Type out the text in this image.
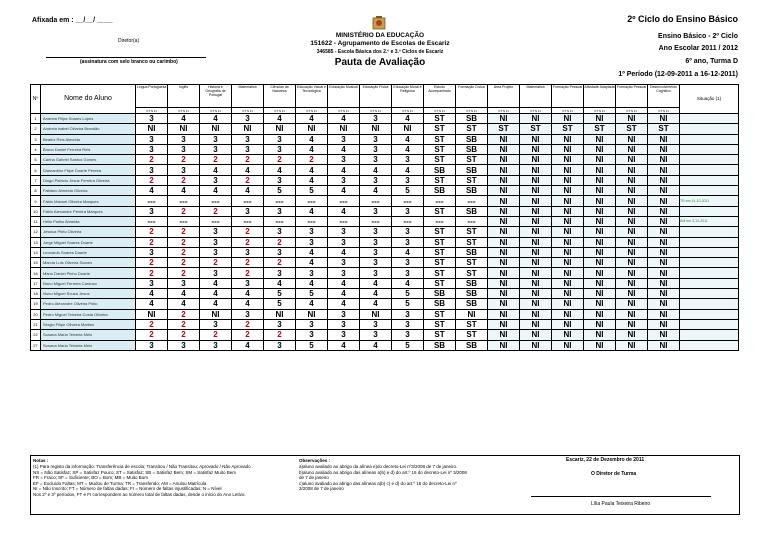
Afixada em : __/__/ ____
Diretor(a)
(assinatura com selo branco ou carimbo)
MINISTÉRIO DA EDUCAÇÃO
151622 - Agrupamento de Escolas de Escariz
346585 - Escola Básica dos 2.º e 3.º Ciclos de Escariz
Pauta de Avaliação
2º Ciclo do Ensino Básico
Ensino Básico - 2º Ciclo
Ano Escolar 2011 / 2012
6º ano, Turma D
1º Período (12-09-2011 a 16-12-2011)
Nº	Nome do Aluno	Língua Portuguesa	Inglês	História e Geografia de Portugal	Matemática	Ciências da Natureza	Educação Visual e Tecnológica	Educação Musical	Educação Física	Educação Moral e Religiosa	Estudo Acompanhado	Formação Cívica	Área Projeto	Matemática	Formação Pessoal	Atividade Adaptada	Formação Pessoal	Desenvolvimento Cognitivo	Situação (1)
		FT N FI	FT N FI	FT N FI	FT N FI	FT N FI	FT N FI	FT N FI	FT N FI	FT N FI	FT N FI	FT N FI	FT N FI	FT N FI	FT N FI	FT N FI	FT N FI	FT N FI	
1	Andreia Filipa Soares Lopes	3	4	4	3	4	4	4	3	4	ST	SB	NI	NI	NI	NI	NI	NI	
2	Andreia Isabel Oliveira Brandão	NI	NI	NI	NI	NI	NI	NI	NI	NI	ST	ST	ST	ST	ST	ST	ST	ST	
3	Beatriz Reis Almeida	3	3	3	3	3	4	3	3	4	ST	SB	NI	NI	NI	NI	NI	NI	
4	Bruno Daniel Ferreira Reis	3	3	3	3	3	4	4	3	4	ST	SB	NI	NI	NI	NI	NI	NI	
5	Carina Gabriel Santos Gomes	2	2	2	2	2	2	3	3	3	ST	ST	NI	NI	NI	NI	NI	NI	
6	Diamantino Filipe Duarte Pereira	3	3	4	4	4	4	4	4	4	SB	SB	NI	NI	NI	NI	NI	NI	
7	Diogo Patrício Jesus Ferreira Oliveira	2	2	3	2	3	4	3	3	3	ST	ST	NI	NI	NI	NI	NI	NI	
8	Fabiano Almeida Oliveira	4	4	4	4	5	5	4	4	5	SB	SB	NI	NI	NI	NI	NI	NI	
9	Fábio Manuel Oliveira Marques	---	---	---	---	---	---	---	---	---	---	---	NI	NI	NI	NI	NI	NI	TR em 14-10-2011
10	Fábio Alexandre Pereira Marques	3	2	2	3	3	4	4	3	3	ST	SB	NI	NI	NI	NI	NI	NI	
11	Hélio Fialho Almeida	---	---	---	---	---	---	---	---	---	---	---	NI	NI	NI	NI	NI	NI	AM em 3-10-2011
12	Jéssica Pinto Oliveira	2	2	3	2	3	3	3	3	3	ST	ST	NI	NI	NI	NI	NI	NI	
13	Jorge Miguel Soares Duarte	2	2	3	2	2	3	3	3	3	ST	ST	NI	NI	NI	NI	NI	NI	
14	Leonardo Soares Duarte	3	2	3	3	3	4	4	3	4	ST	SB	NI	NI	NI	NI	NI	NI	
15	Marcia Luís Oliveira Soares	2	2	2	2	2	4	3	3	3	ST	ST	NI	NI	NI	NI	NI	NI	
16	Mário Daniel Pinho Duarte	2	2	3	2	3	3	3	3	3	ST	ST	NI	NI	NI	NI	NI	NI	
17	Nuno Miguel Ferreira Cardoso	3	3	4	3	4	4	4	4	4	ST	SB	NI	NI	NI	NI	NI	NI	
18	Nuno Miguel Sousa Jesus	4	4	4	4	5	5	4	4	5	SB	SB	NI	NI	NI	NI	NI	NI	
19	Pedro Alexandre Oliveira Pinto	4	4	4	4	5	4	4	4	5	SB	SB	NI	NI	NI	NI	NI	NI	
20	Pedro Miguel Teixeira Costa Oliveira	NI	2	NI	3	NI	NI	3	NI	3	ST	NI	NI	NI	NI	NI	NI	NI	
21	Sérgio Filipe Oliveira Martins	2	2	3	2	3	3	3	3	3	ST	ST	NI	NI	NI	NI	NI	NI	
22	Susana Maria Teixeira Melo	2	2	2	2	2	3	3	3	3	ST	ST	NI	NI	NI	NI	NI	NI	
27	Susana Maria Teixeira Melo	3	3	3	4	3	5	4	4	5	SB	SB	NI	NI	NI	NI	NI	NI	
Notas :
(1) Para registo da informação: Transferência de escola; Transitou / Não Transitou; Aprovado / Não Aprovado
NS = Não Satisfaz; SP = Satisfaz Pouco; ST = Satisfaz; SB = Satisfaz Bem; SM = Satisfaz Muito Bem
FR = Fraco; SF = Suficiente; BO = Bom; MB = Muito Bom
EF = Excluído Faltas; MT = Mudou de Turma; TR = Transferido; AM = Anulou Matrícula
NI = Não Inscrito; FT = Número de faltas dadas; FI = Número de faltas injustificadas; N = Nível
Nos 2º e 3º períodos, FT e FI correspondem ao número total de faltas dadas, desde o início do Ano Letivo.
Observações :
a)aluno avaliado ao abrigo da alínea e)do decreto-Lei nº3/2008 de 7 de janeiro.
b)aluno avaliado ao abrigo das alíneas a)b) e d) do art.º 16 do decreto-Lei nº 3/2008
de 7 de janeiro
c)aluno avaliado ao abrigo das alíneas a)b) c) e d) do art.º 16 do decreto-Lei nº
3/2008 de 7 de janeiro
Escariz, 22 de Dezembro de 2011
O Diretor de Turma
Lília Paula Teixeira Ribeiro
